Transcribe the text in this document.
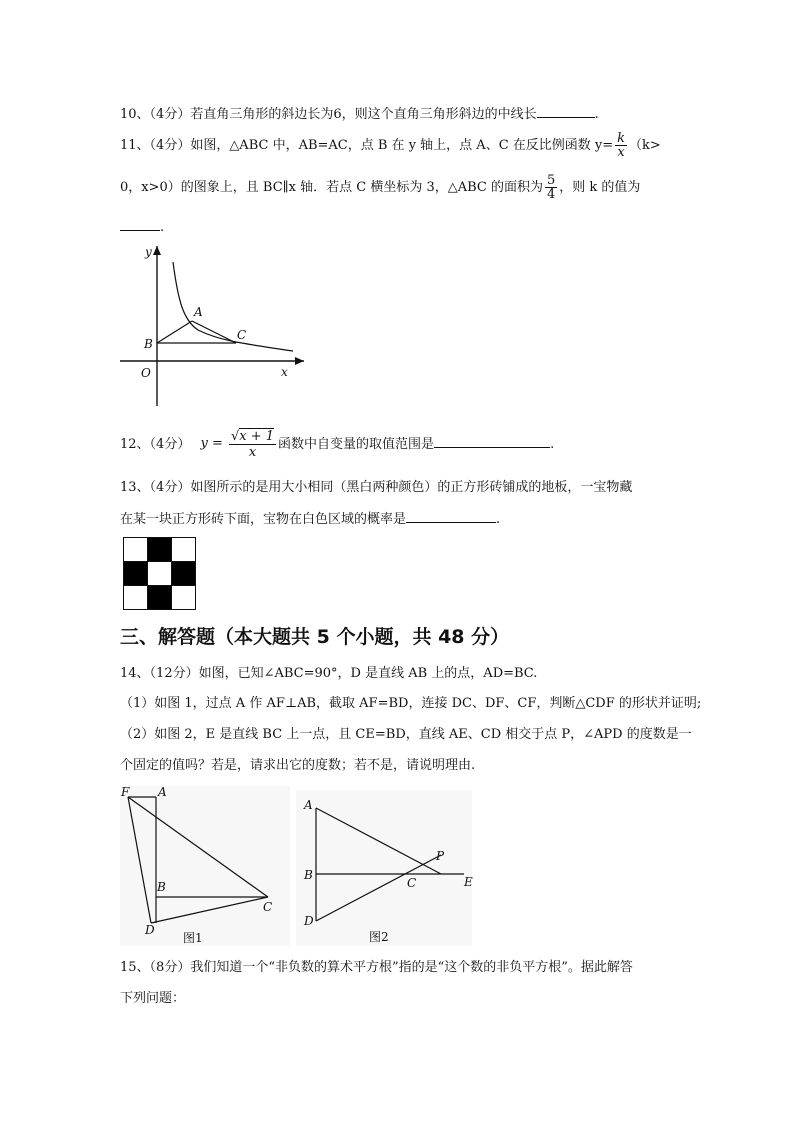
10、（4分）若直角三角形的斜边长为6，则这个直角三角形斜边的中线长	.
11、（4分）如图，△ABC 中，AB=AC，点 B 在 y 轴上，点 A、C 在反比例函数 $y= \frac{k}{x} (k>$
0，x>0）的图象上，且 BC∥x 轴．若点 C 横坐标为 3，△ABC 的面积为 $\frac{5}{4}$ ，则 k 的值为
.
y
x
O
A
B
C
12、（4分） $y = \frac{√x + 1}{x}$ 函数中自变量的取值范围是	.
13、（4分）如图所示的是用大小相同（黑白两种颜色）的正方形砖铺成的地板，一宝物藏
在某一块正方形砖下面，宝物在白色区域的概率是	.
三、解答题（本大题共 5 个小题，共 48 分）
14、（12分）如图，已知∠ABC=90°，D 是直线 AB 上的点，AD=BC.
（1）如图 1，过点 A 作 AF⊥AB，截取 AF=BD，连接 DC、DF、CF，判断△CDF 的形状并证明;
（2）如图 2，E 是直线 BC 上一点，且 CE=BD，直线 AE、CD 相交于点 P，∠APD 的度数是一
个固定的值吗？若是，请求出它的度数；若不是，请说明理由.
F A
B
C
D
图1
A
B
C
D
E
P
图2
15、（8分）我们知道一个“非负数的算术平方根”指的是“这个数的非负平方根”。据此解答
下列问题：
